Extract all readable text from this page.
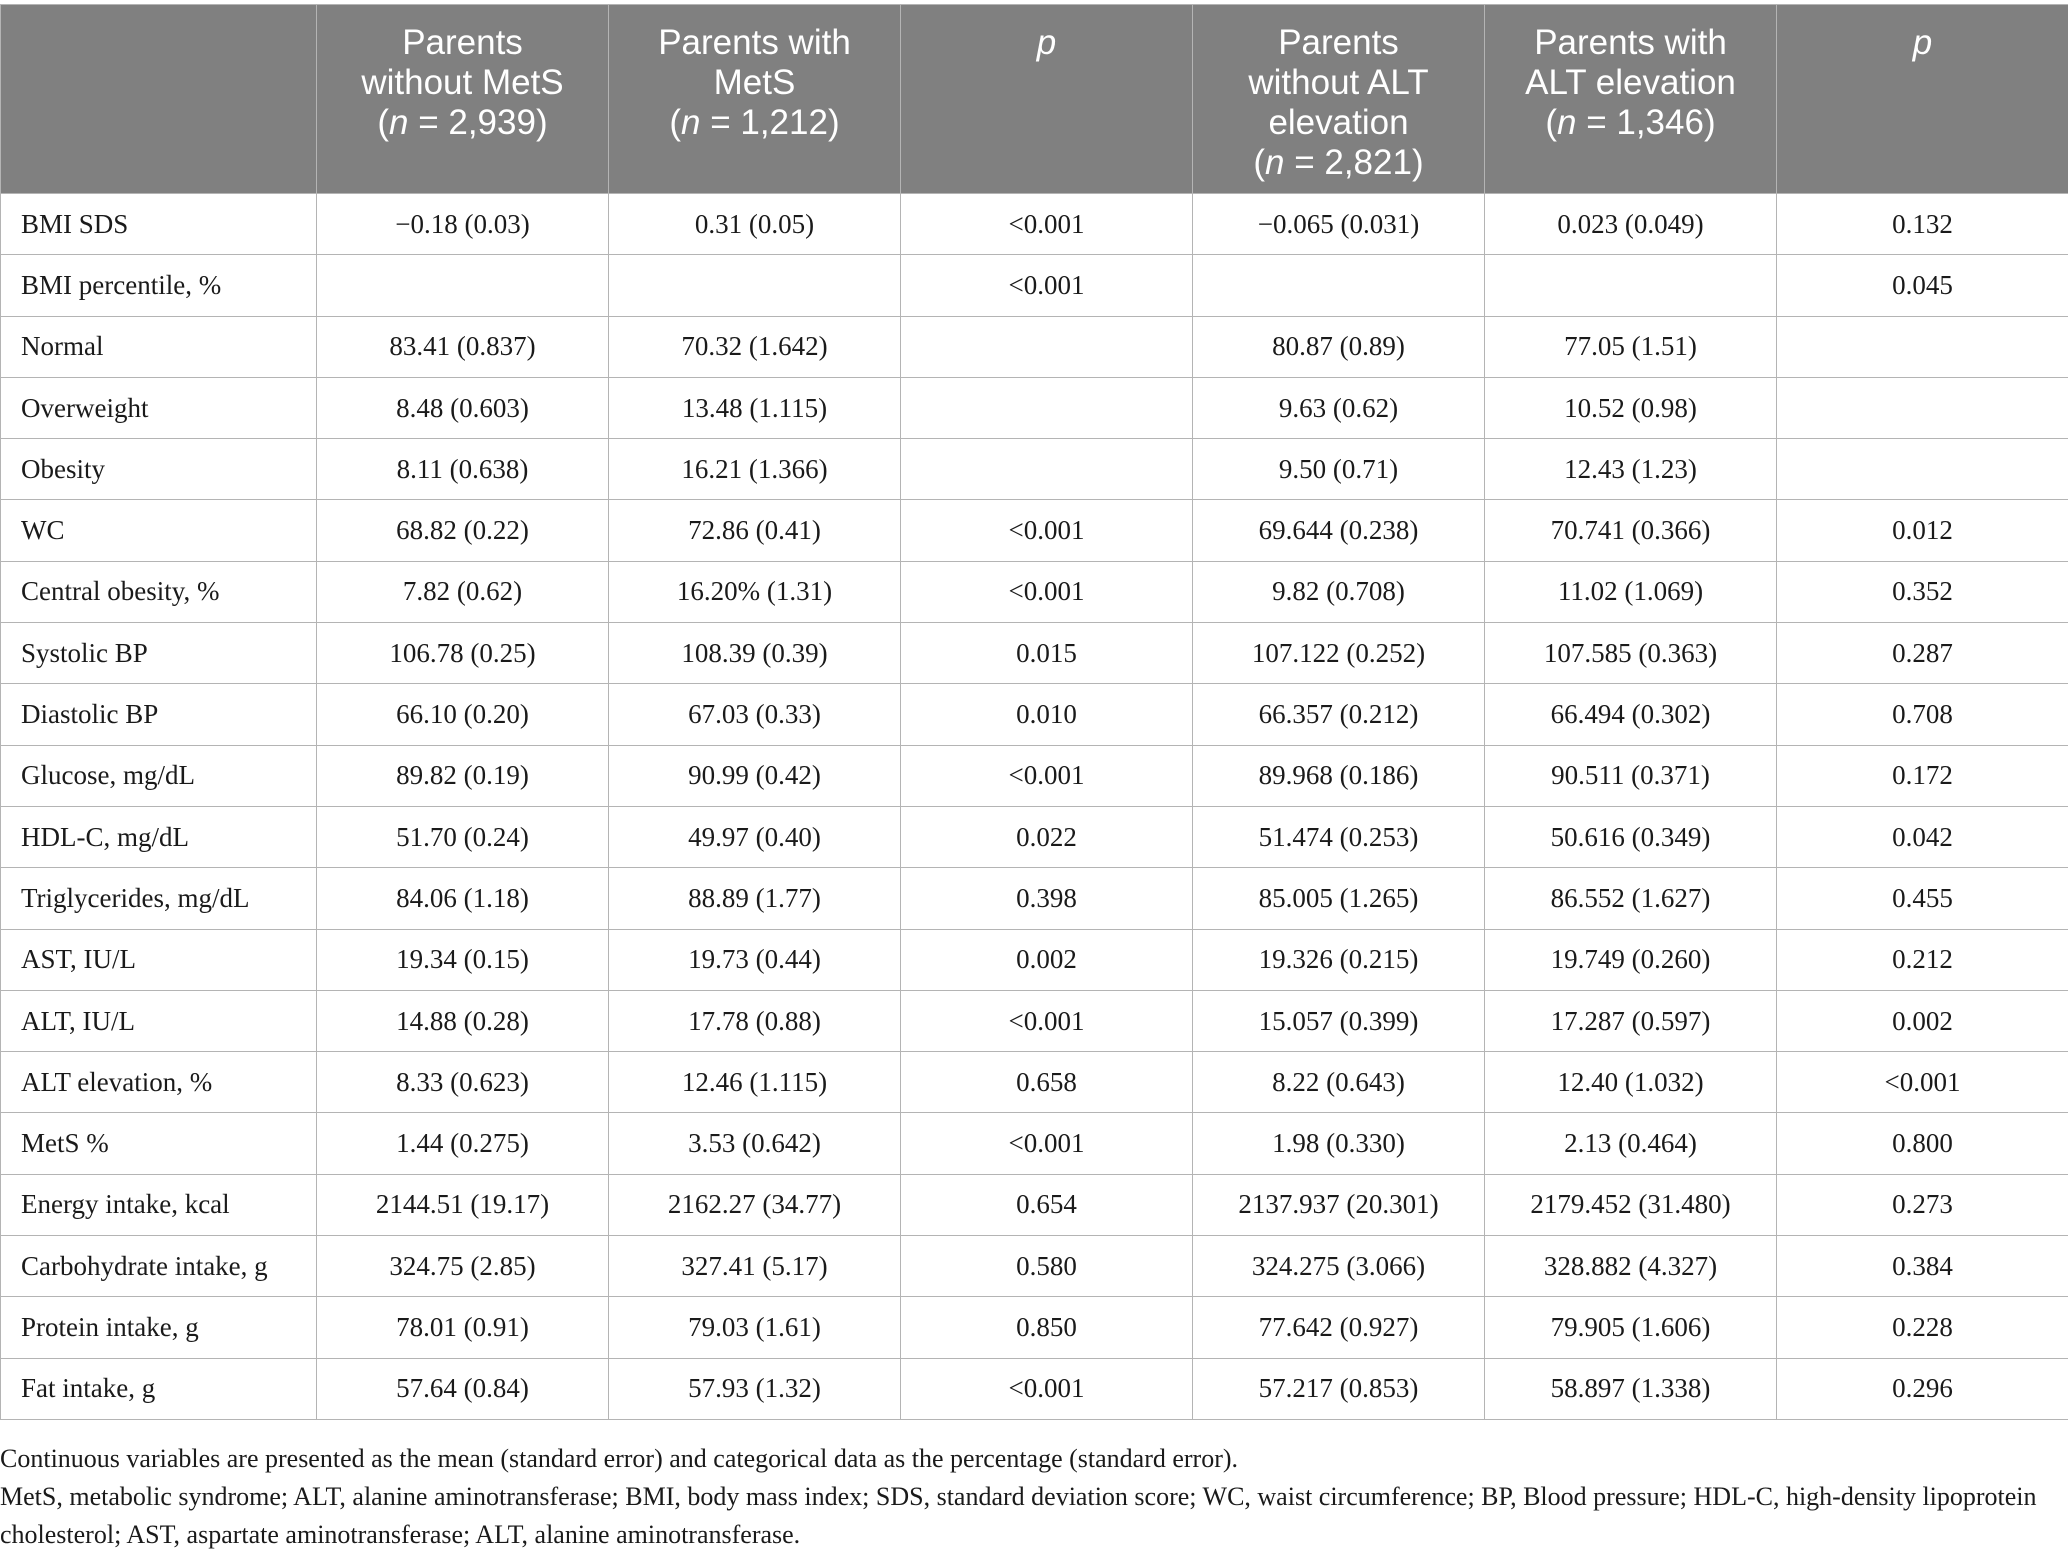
	Parents
without MetS
(n = 2,939)	Parents with
MetS
(n = 1,212)	p	Parents
without ALT
elevation
(n = 2,821)	Parents with
ALT elevation
(n = 1,346)	p

BMI SDS	−0.18 (0.03)	0.31 (0.05)	<0.001	−0.065 (0.031)	0.023 (0.049)	0.132
BMI percentile, %			<0.001			0.045
Normal	83.41 (0.837)	70.32 (1.642)		80.87 (0.89)	77.05 (1.51)	
Overweight	8.48 (0.603)	13.48 (1.115)		9.63 (0.62)	10.52 (0.98)	
Obesity	8.11 (0.638)	16.21 (1.366)		9.50 (0.71)	12.43 (1.23)	
WC	68.82 (0.22)	72.86 (0.41)	<0.001	69.644 (0.238)	70.741 (0.366)	0.012
Central obesity, %	7.82 (0.62)	16.20% (1.31)	<0.001	9.82 (0.708)	11.02 (1.069)	0.352
Systolic BP	106.78 (0.25)	108.39 (0.39)	0.015	107.122 (0.252)	107.585 (0.363)	0.287
Diastolic BP	66.10 (0.20)	67.03 (0.33)	0.010	66.357 (0.212)	66.494 (0.302)	0.708
Glucose, mg/dL	89.82 (0.19)	90.99 (0.42)	<0.001	89.968 (0.186)	90.511 (0.371)	0.172
HDL-C, mg/dL	51.70 (0.24)	49.97 (0.40)	0.022	51.474 (0.253)	50.616 (0.349)	0.042
Triglycerides, mg/dL	84.06 (1.18)	88.89 (1.77)	0.398	85.005 (1.265)	86.552 (1.627)	0.455
AST, IU/L	19.34 (0.15)	19.73 (0.44)	0.002	19.326 (0.215)	19.749 (0.260)	0.212
ALT, IU/L	14.88 (0.28)	17.78 (0.88)	<0.001	15.057 (0.399)	17.287 (0.597)	0.002
ALT elevation, %	8.33 (0.623)	12.46 (1.115)	0.658	8.22 (0.643)	12.40 (1.032)	<0.001
MetS %	1.44 (0.275)	3.53 (0.642)	<0.001	1.98 (0.330)	2.13 (0.464)	0.800
Energy intake, kcal	2144.51 (19.17)	2162.27 (34.77)	0.654	2137.937 (20.301)	2179.452 (31.480)	0.273
Carbohydrate intake, g	324.75 (2.85)	327.41 (5.17)	0.580	324.275 (3.066)	328.882 (4.327)	0.384
Protein intake, g	78.01 (0.91)	79.03 (1.61)	0.850	77.642 (0.927)	79.905 (1.606)	0.228
Fat intake, g	57.64 (0.84)	57.93 (1.32)	<0.001	57.217 (0.853)	58.897 (1.338)	0.296
Continuous variables are presented as the mean (standard error) and categorical data as the percentage (standard error).
MetS, metabolic syndrome; ALT, alanine aminotransferase; BMI, body mass index; SDS, standard deviation score; WC, waist circumference; BP, Blood pressure; HDL-C, high-density lipoprotein cholesterol; AST, aspartate aminotransferase; ALT, alanine aminotransferase.
